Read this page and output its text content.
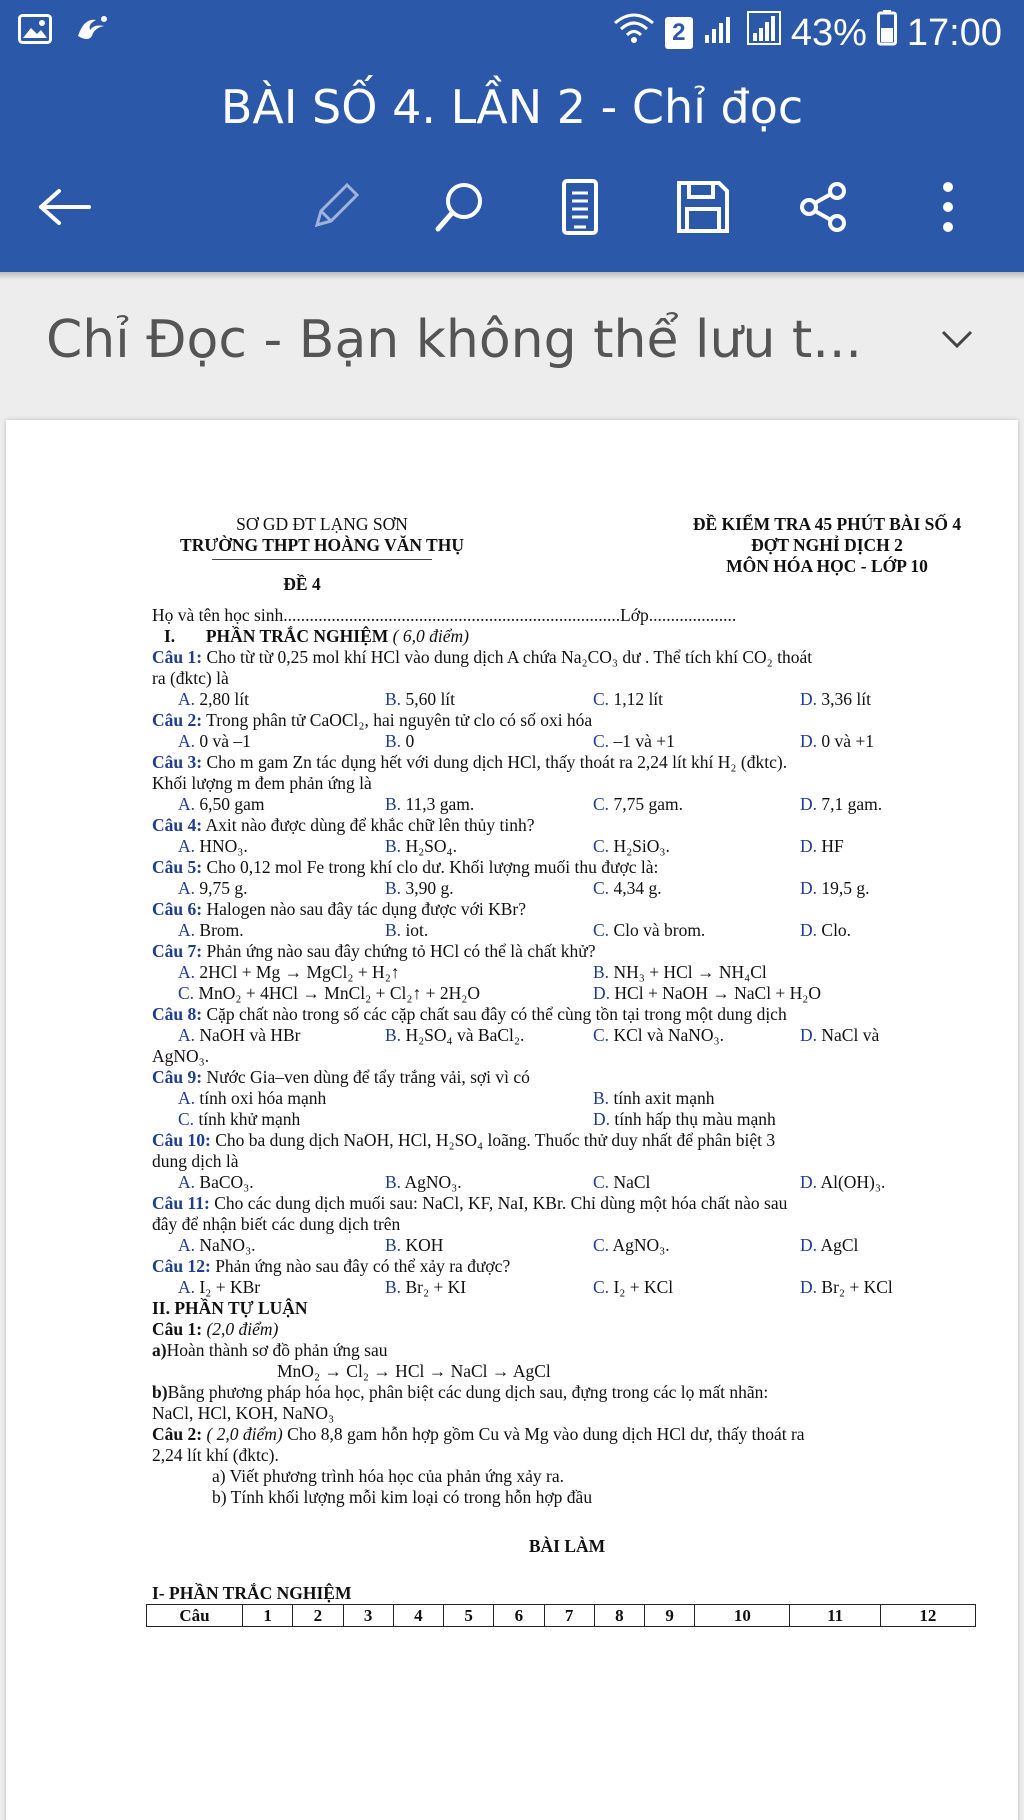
2	43% 17:00
BÀI SỐ 4. LẦN 2 - Chỉ đọc
Chỉ Đọc - Bạn không thể lưu t...
SƠ GD ĐT LẠNG SƠN
TRƯỜNG THPT HOÀNG VĂN THỤ
ĐỀ 4
ĐỀ KIỂM TRA 45 PHÚT BÀI SỐ 4
ĐỢT NGHỈ DỊCH 2
MÔN HÓA HỌC - LỚP 10
Họ và tên học sinh.............................................................................Lớp....................
I. PHẦN TRẮC NGHIỆM ( 6,0 điểm)
Câu 1: Cho từ từ 0,25 mol khí HCl vào dung dịch A chứa Na₂CO₃ dư . Thể tích khí CO₂ thoát
ra (đktc) là
A. 2,80 lít	B. 5,60 lít	C. 1,12 lít	D. 3,36 lít
Câu 2: Trong phân tử CaOCl₂, hai nguyên tử clo có số oxi hóa
A. 0 và –1	B. 0	C. –1 và +1	D. 0 và +1
Câu 3: Cho m gam Zn tác dụng hết với dung dịch HCl, thấy thoát ra 2,24 lít khí H₂ (đktc).
Khối lượng m đem phản ứng là
A. 6,50 gam	B. 11,3 gam.	C. 7,75 gam.	D. 7,1 gam.
Câu 4: Axit nào được dùng để khắc chữ lên thủy tinh?
A. HNO₃.	B. H₂SO₄.	C. H₂SiO₃.	D. HF
Câu 5: Cho 0,12 mol Fe trong khí clo dư. Khối lượng muối thu được là:
A. 9,75 g.	B. 3,90 g.	C. 4,34 g.	D. 19,5 g.
Câu 6: Halogen nào sau đây tác dụng được với KBr?
A. Brom.	B. iot.	C. Clo và brom.	D. Clo.
Câu 7: Phản ứng nào sau đây chứng tỏ HCl có thể là chất khử?
A. 2HCl + Mg → MgCl₂ + H₂↑	B. NH₃ + HCl → NH₄Cl
C. MnO₂ + 4HCl → MnCl₂ + Cl₂↑ + 2H₂O	D. HCl + NaOH → NaCl + H₂O
Câu 8: Cặp chất nào trong số các cặp chất sau đây có thể cùng tồn tại trong một dung dịch
A. NaOH và HBr	B. H₂SO₄ và BaCl₂.	C. KCl và NaNO₃.	D. NaCl và
AgNO₃.
Câu 9: Nước Gia–ven dùng để tẩy trắng vải, sợi vì có
A. tính oxi hóa mạnh	B. tính axit mạnh
C. tính khử mạnh	D. tính hấp thụ màu mạnh
Câu 10: Cho ba dung dịch NaOH, HCl, H₂SO₄ loãng. Thuốc thử duy nhất để phân biệt 3
dung dịch là
A. BaCO₃.	B. AgNO₃.	C. NaCl	D. Al(OH)₃.
Câu 11: Cho các dung dịch muối sau: NaCl, KF, NaI, KBr. Chỉ dùng một hóa chất nào sau
đây để nhận biết các dung dịch trên
A. NaNO₃.	B. KOH	C. AgNO₃.	D. AgCl
Câu 12: Phản ứng nào sau đây có thể xảy ra được?
A. I₂ + KBr	B. Br₂ + KI	C. I₂ + KCl	D. Br₂ + KCl
II. PHẦN TỰ LUẬN
Câu 1: (2,0 điểm)
a)Hoàn thành sơ đồ phản ứng sau
MnO₂ → Cl₂ → HCl → NaCl → AgCl
b)Bằng phương pháp hóa học, phân biệt các dung dịch sau, đựng trong các lọ mất nhãn:
NaCl, HCl, KOH, NaNO₃
Câu 2: ( 2,0 điểm) Cho 8,8 gam hỗn hợp gồm Cu và Mg vào dung dịch HCl dư, thấy thoát ra
2,24 lít khí (đktc).
a) Viết phương trình hóa học của phản ứng xảy ra.
b) Tính khối lượng mỗi kim loại có trong hỗn hợp đầu
BÀI LÀM
I- PHẦN TRẮC NGHIỆM
Câu	1	2	3	4	5	6	7	8	9	10	11	12
